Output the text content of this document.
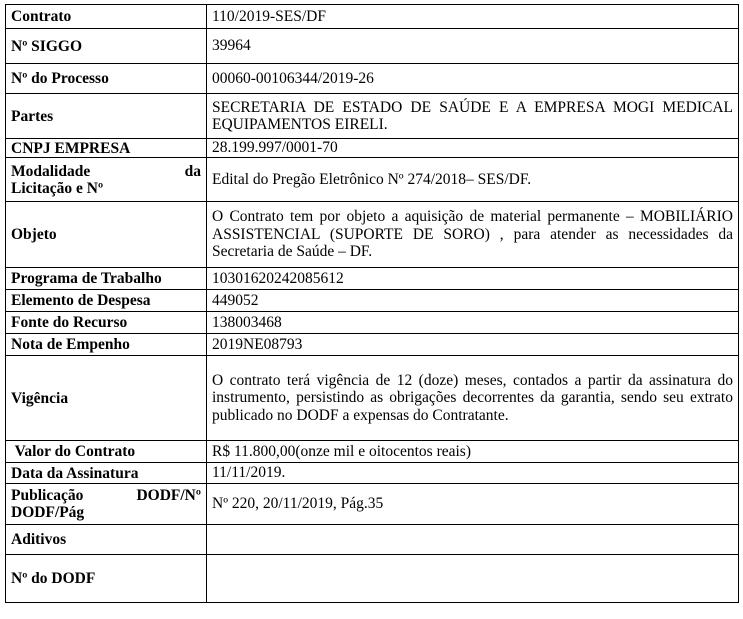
Contrato	110/2019-SES/DF
Nº SIGGO	39964
Nº do Processo	00060-00106344/2019-26
Partes	SECRETARIA DE ESTADO DE SAÚDE E A EMPRESA MOGI MEDICAL EQUIPAMENTOS EIRELI.
CNPJ EMPRESA	28.199.997/0001-70

Modalidade da
Licitação e Nº	Edital do Pregão Eletrônico Nº 274/2018– SES/DF.
Objeto	O Contrato tem por objeto a aquisição de material permanente – MOBILIÁRIO ASSISTENCIAL (SUPORTE DE SORO) , para atender as necessidades da Secretaria de Saúde – DF.
Programa de Trabalho	10301620242085612
Elemento de Despesa	449052
Fonte do Recurso	138003468
Nota de Empenho	2019NE08793
Vigência	O contrato terá vigência de 12 (doze) meses, contados a partir da assinatura do instrumento, persistindo as obrigações decorrentes da garantia, sendo seu extrato publicado no DODF a expensas do Contratante.
Valor do Contrato	R$ 11.800,00(onze mil e oitocentos reais)
Data da Assinatura	11/11/2019.

Publicação DODF/Nº
DODF/Pág	Nº 220, 20/11/2019, Pág.35
Aditivos	
Nº do DODF	
